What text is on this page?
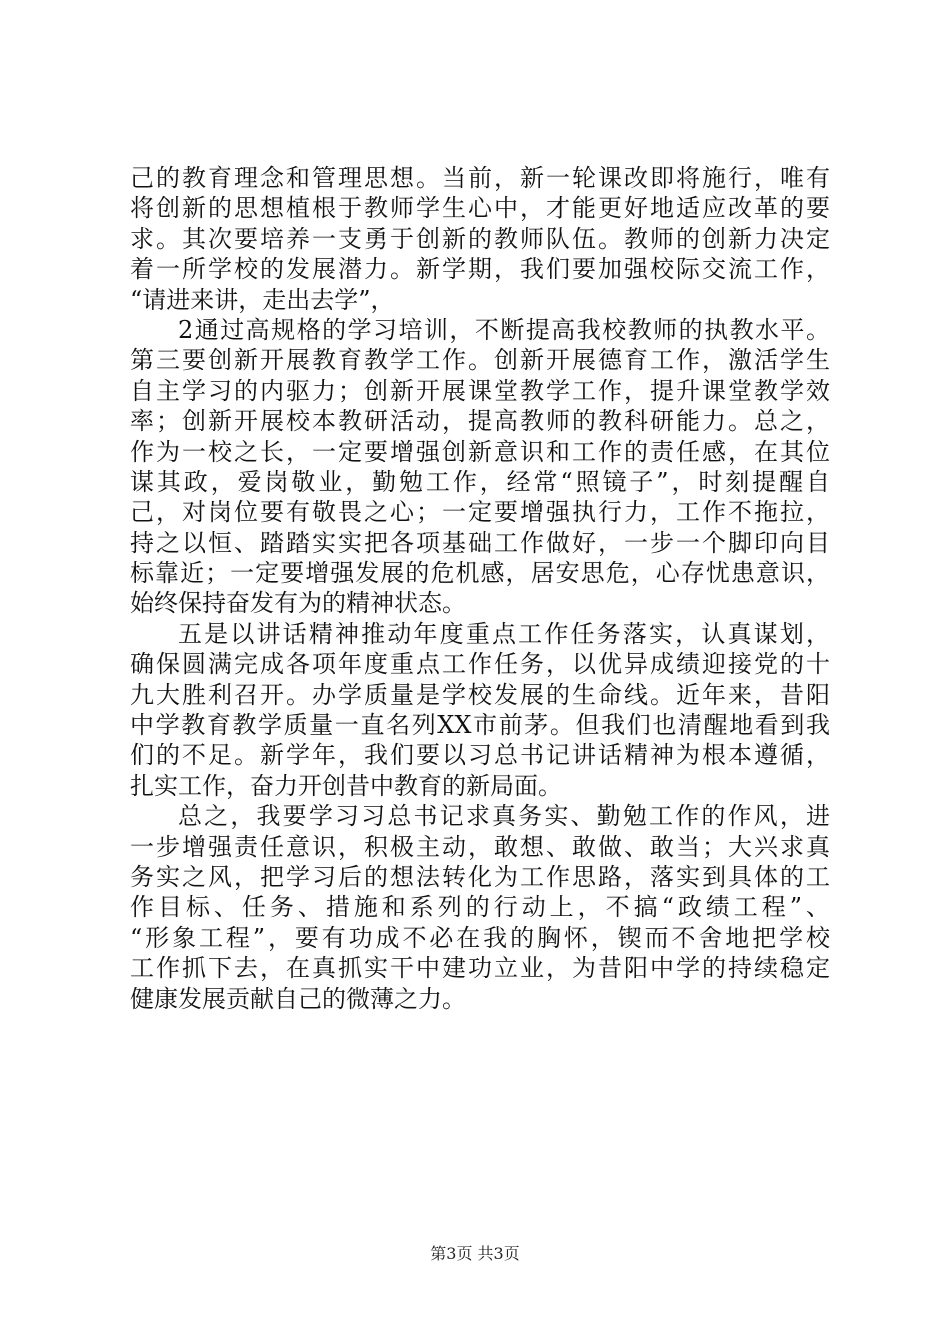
己的教育理念和管理思想。当前，新一轮课改即将施行，唯有
将创新的思想植根于教师学生心中，才能更好地适应改革的要
求。其次要培养一支勇于创新的教师队伍。教师的创新力决定
着一所学校的发展潜力。新学期，我们要加强校际交流工作，
“请进来讲，走出去学”，
2通过高规格的学习培训，不断提高我校教师的执教水平。
第三要创新开展教育教学工作。创新开展德育工作，激活学生
自主学习的内驱力；创新开展课堂教学工作，提升课堂教学效
率；创新开展校本教研活动，提高教师的教科研能力。总之，
作为一校之长，一定要增强创新意识和工作的责任感，在其位
谋其政，爱岗敬业，勤勉工作，经常“照镜子”，时刻提醒自
己，对岗位要有敬畏之心；一定要增强执行力，工作不拖拉，
持之以恒、踏踏实实把各项基础工作做好，一步一个脚印向目
标靠近；一定要增强发展的危机感，居安思危，心存忧患意识，
始终保持奋发有为的精神状态。
五是以讲话精神推动年度重点工作任务落实，认真谋划，
确保圆满完成各项年度重点工作任务，以优异成绩迎接党的十
九大胜利召开。办学质量是学校发展的生命线。近年来，昔阳
中学教育教学质量一直名列XX市前茅。但我们也清醒地看到我
们的不足。新学年，我们要以习总书记讲话精神为根本遵循，
扎实工作，奋力开创昔中教育的新局面。
总之，我要学习习总书记求真务实、勤勉工作的作风，进
一步增强责任意识，积极主动，敢想、敢做、敢当；大兴求真
务实之风，把学习后的想法转化为工作思路，落实到具体的工
作目标、任务、措施和系列的行动上，不搞“政绩工程”、
“形象工程”，要有功成不必在我的胸怀，锲而不舍地把学校
工作抓下去，在真抓实干中建功立业，为昔阳中学的持续稳定
健康发展贡献自己的微薄之力。
第3页 共3页
